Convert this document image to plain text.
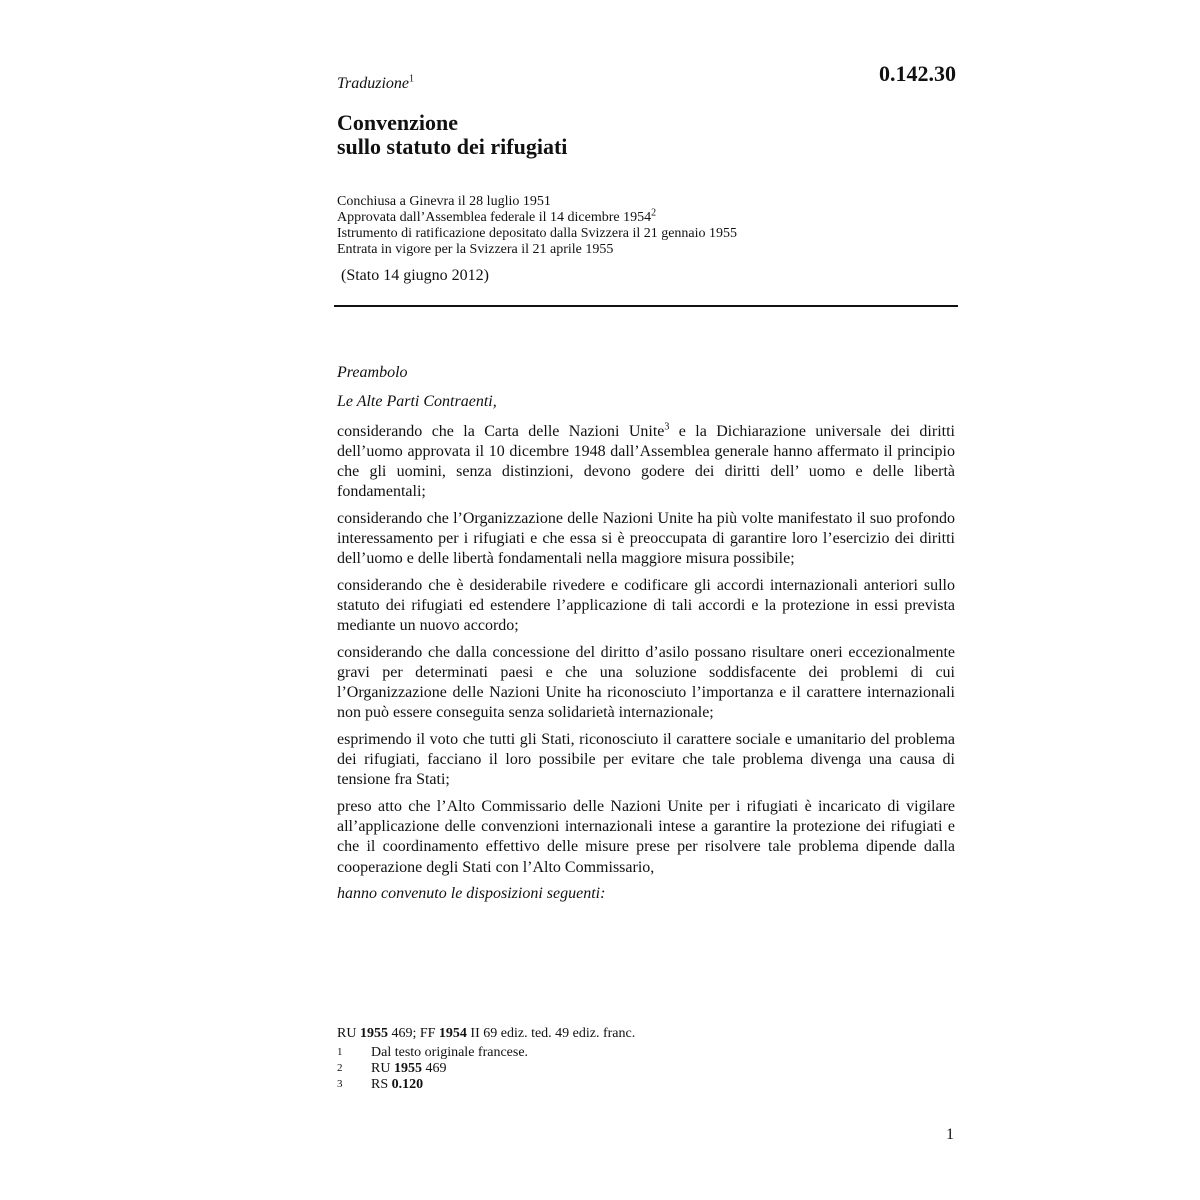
0.142.30
Traduzione$^1$
Convenzione
sullo statuto dei rifugiati
Conchiusa a Ginevra il 28 luglio 1951
Approvata dall’Assemblea federale il 14 dicembre 1954$^2$
Istrumento di ratificazione depositato dalla Svizzera il 21 gennaio 1955
Entrata in vigore per la Svizzera il 21 aprile 1955
(Stato 14 giugno 2012)

Preambolo

Le Alte Parti Contraenti,

considerando che la Carta delle Nazioni Unite$^3$ e la Dichiarazione universale dei diritti dell’uomo approvata il 10 dicembre 1948 dall’Assemblea generale hanno affermato il principio che gli uomini, senza distinzioni, devono godere dei diritti dell’ uomo e delle libertà fondamentali;

considerando che l’Organizzazione delle Nazioni Unite ha più volte manifestato il suo profondo interessamento per i rifugiati e che essa si è preoccupata di garantire loro l’esercizio dei diritti dell’uomo e delle libertà fondamentali nella maggiore misura possibile;

considerando che è desiderabile rivedere e codificare gli accordi internazionali anteriori sullo statuto dei rifugiati ed estendere l’applicazione di tali accordi e la protezione in essi prevista mediante un nuovo accordo;

considerando che dalla concessione del diritto d’asilo possano risultare oneri eccezionalmente gravi per determinati paesi e che una soluzione soddisfacente dei problemi di cui l’Organizzazione delle Nazioni Unite ha riconosciuto l’importanza e il carattere internazionali non può essere conseguita senza solidarietà internazionale;

esprimendo il voto che tutti gli Stati, riconosciuto il carattere sociale e umanitario del problema dei rifugiati, facciano il loro possibile per evitare che tale problema divenga una causa di tensione fra Stati;

preso atto che l’Alto Commissario delle Nazioni Unite per i rifugiati è incaricato di vigilare all’applicazione delle convenzioni internazionali intese a garantire la protezione dei rifugiati e che il coordinamento effettivo delle misure prese per risolvere tale problema dipende dalla cooperazione degli Stati con l’Alto Commissario,

hanno convenuto le disposizioni seguenti:

RU 1955 469; FF 1954 II 69 ediz. ted. 49 ediz. franc.
1	Dal testo originale francese.
2	RU 1955 469
3	RS 0.120
1
